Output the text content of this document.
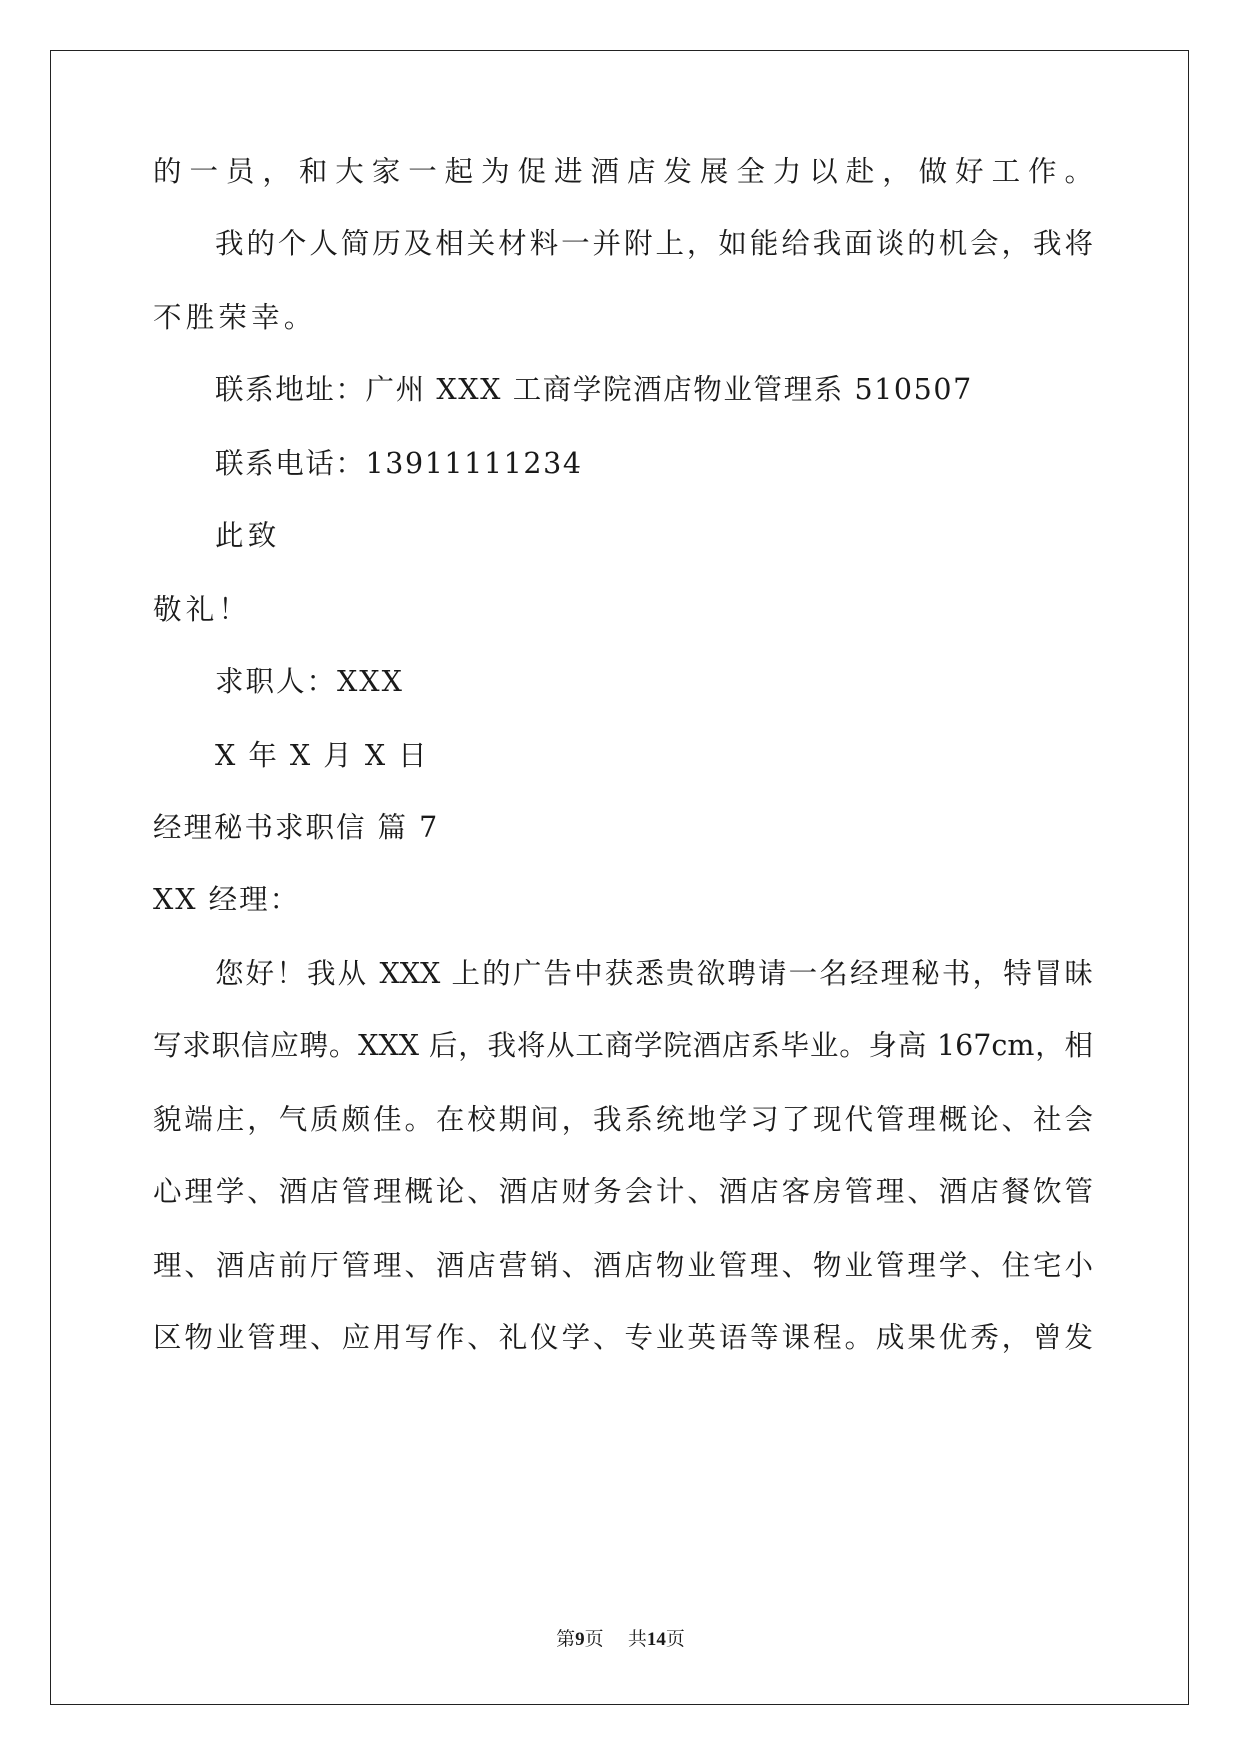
的一员，和大家一起为促进酒店发展全力以赴，做好工作。
我的个人简历及相关材料一并附上，如能给我面谈的机会，我将
不胜荣幸。
联系地址：广州 XXX 工商学院酒店物业管理系 510507
联系电话：13911111234
此致
敬礼！
求职人：XXX
X 年 X 月 X 日
经理秘书求职信 篇 7
XX 经理：
您好！我从 XXX 上的广告中获悉贵欲聘请一名经理秘书，特冒昧
写求职信应聘。XXX 后，我将从工商学院酒店系毕业。身高 167cm，相
貌端庄，气质颇佳。在校期间，我系统地学习了现代管理概论、社会
心理学、酒店管理概论、酒店财务会计、酒店客房管理、酒店餐饮管
理、酒店前厅管理、酒店营销、酒店物业管理、物业管理学、住宅小
区物业管理、应用写作、礼仪学、专业英语等课程。成果优秀，曾发
第9页 共14页
